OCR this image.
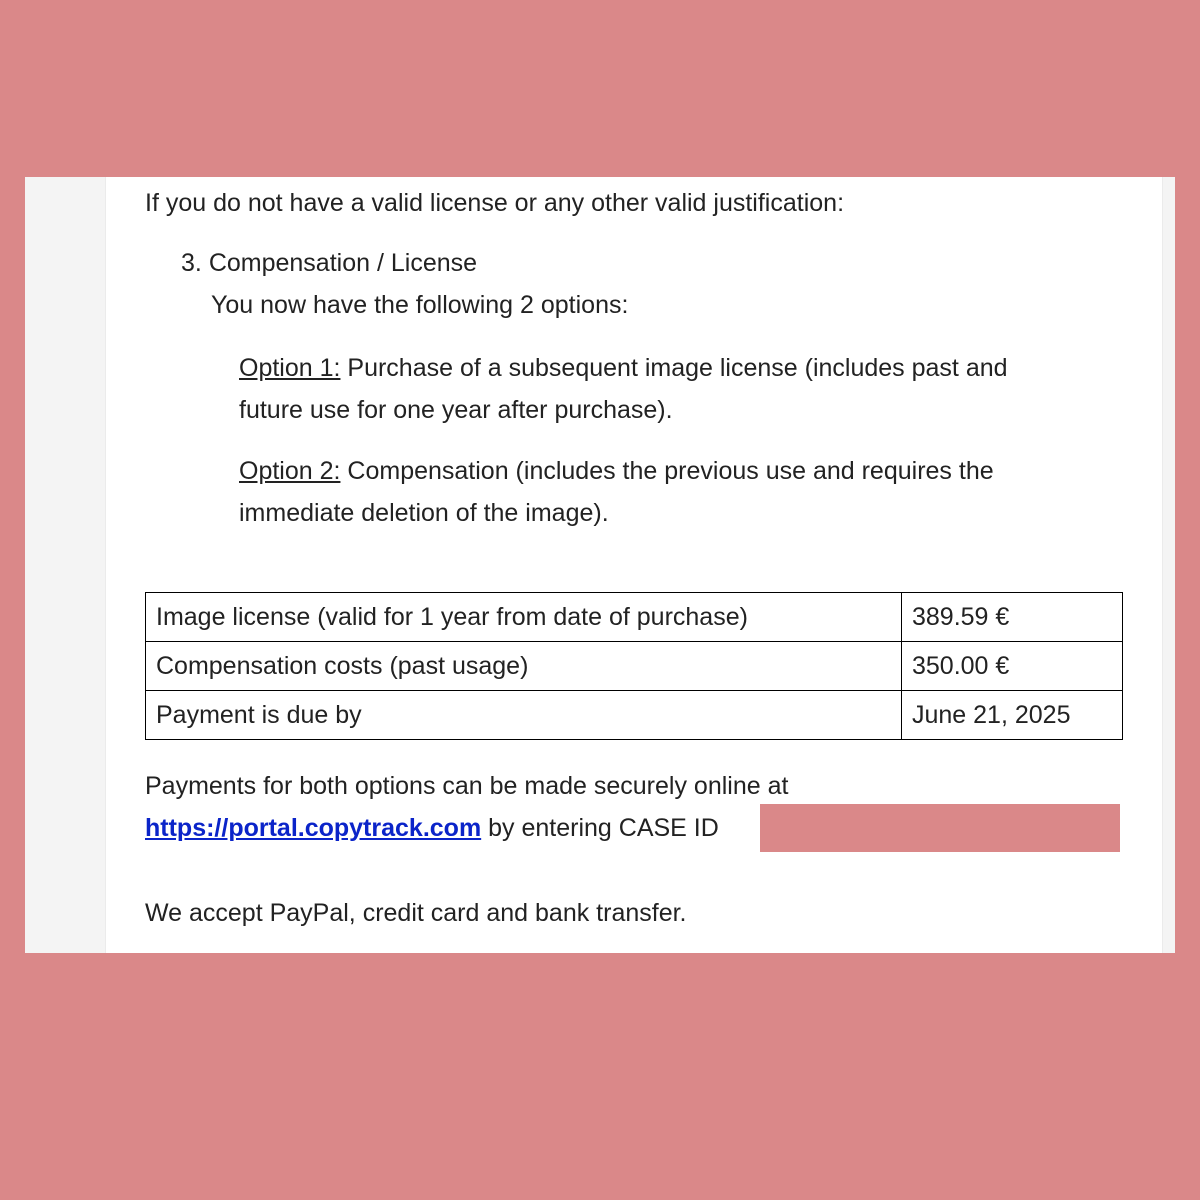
If you do not have a valid license or any other valid justification:
3. Compensation / License
You now have the following 2 options:
Option 1: Purchase of a subsequent image license (includes past and
future use for one year after purchase).
Option 2: Compensation (includes the previous use and requires the
immediate deletion of the image).
Image license (valid for 1 year from date of purchase)	389.59 €
Compensation costs (past usage)	350.00 €
Payment is due by	June 21, 2025
Payments for both options can be made securely online at
https://portal.copytrack.com by entering CASE ID
We accept PayPal, credit card and bank transfer.
